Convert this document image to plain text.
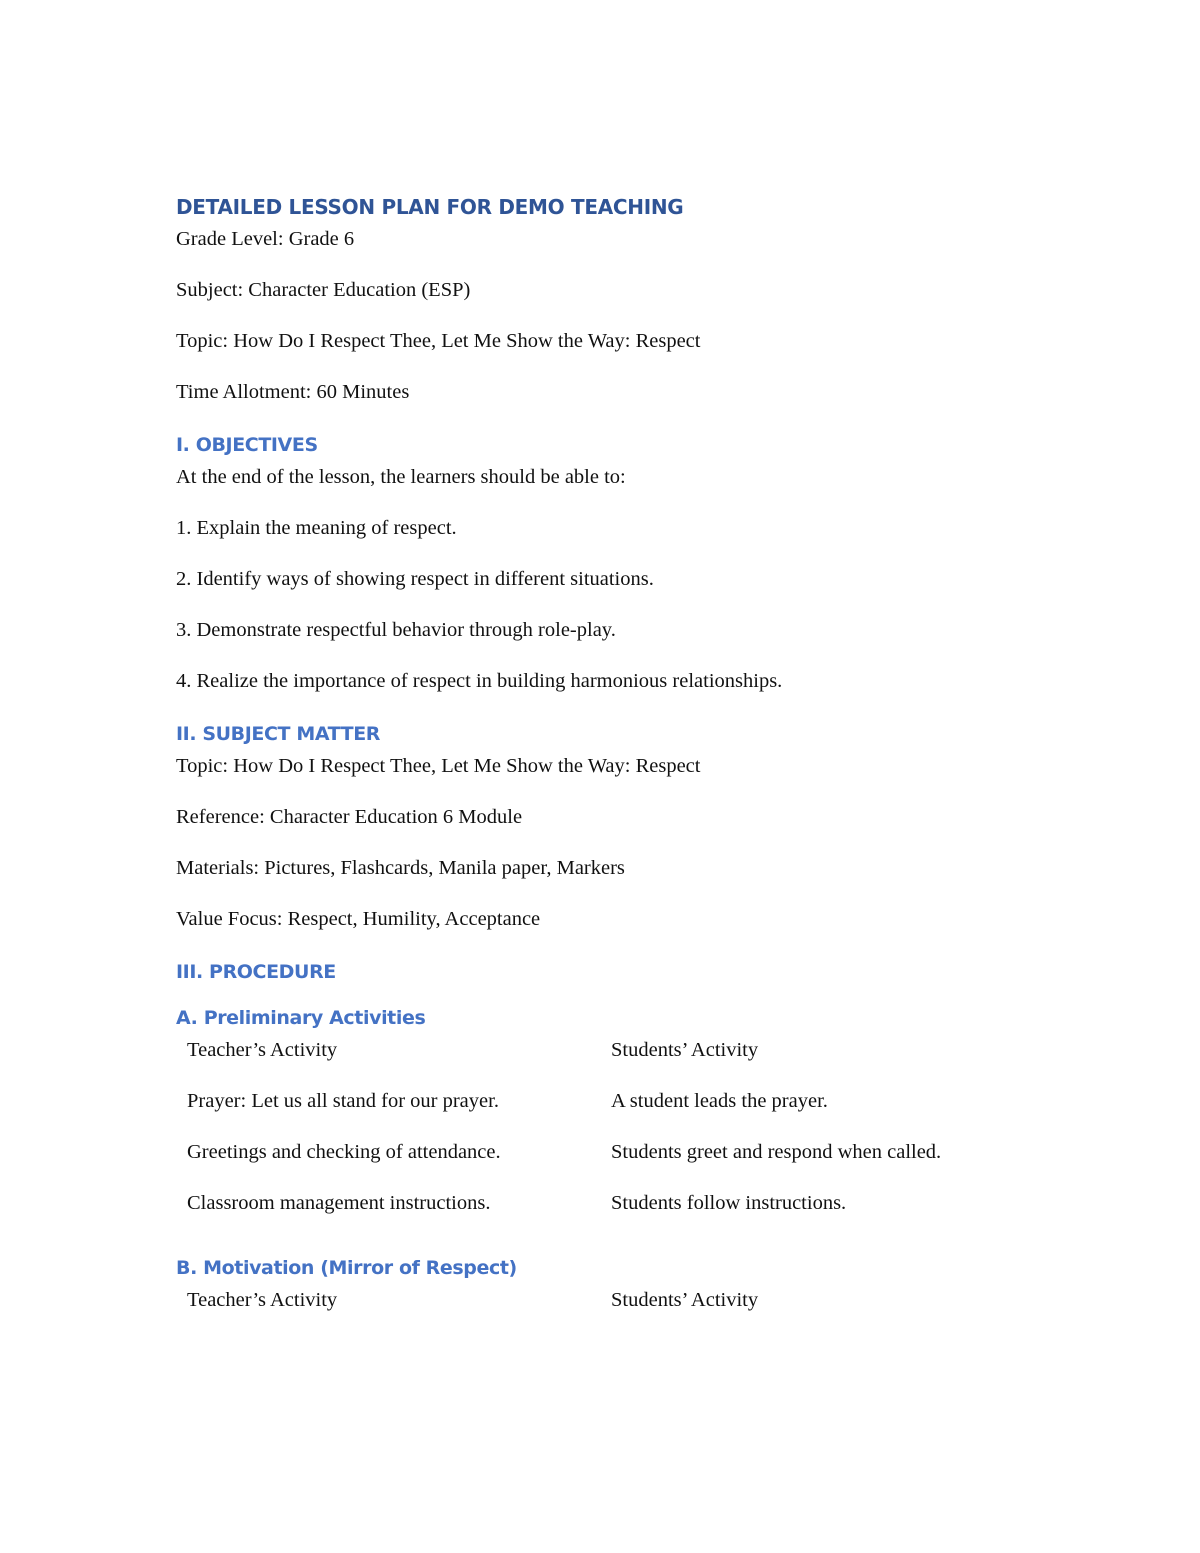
DETAILED LESSON PLAN FOR DEMO TEACHING

Grade Level: Grade 6

Subject: Character Education (ESP)

Topic: How Do I Respect Thee, Let Me Show the Way: Respect

Time Allotment: 60 Minutes

I. OBJECTIVES

At the end of the lesson, the learners should be able to:

1. Explain the meaning of respect.

2. Identify ways of showing respect in different situations.

3. Demonstrate respectful behavior through role-play.

4. Realize the importance of respect in building harmonious relationships.

II. SUBJECT MATTER

Topic: How Do I Respect Thee, Let Me Show the Way: Respect

Reference: Character Education 6 Module

Materials: Pictures, Flashcards, Manila paper, Markers

Value Focus: Respect, Humility, Acceptance

III. PROCEDURE
A. Preliminary Activities
Teacher’s Activity	Students’ Activity
Prayer: Let us all stand for our prayer.	A student leads the prayer.
Greetings and checking of attendance.	Students greet and respond when called.
Classroom management instructions.	Students follow instructions.
B. Motivation (Mirror of Respect)
Teacher’s Activity	Students’ Activity
